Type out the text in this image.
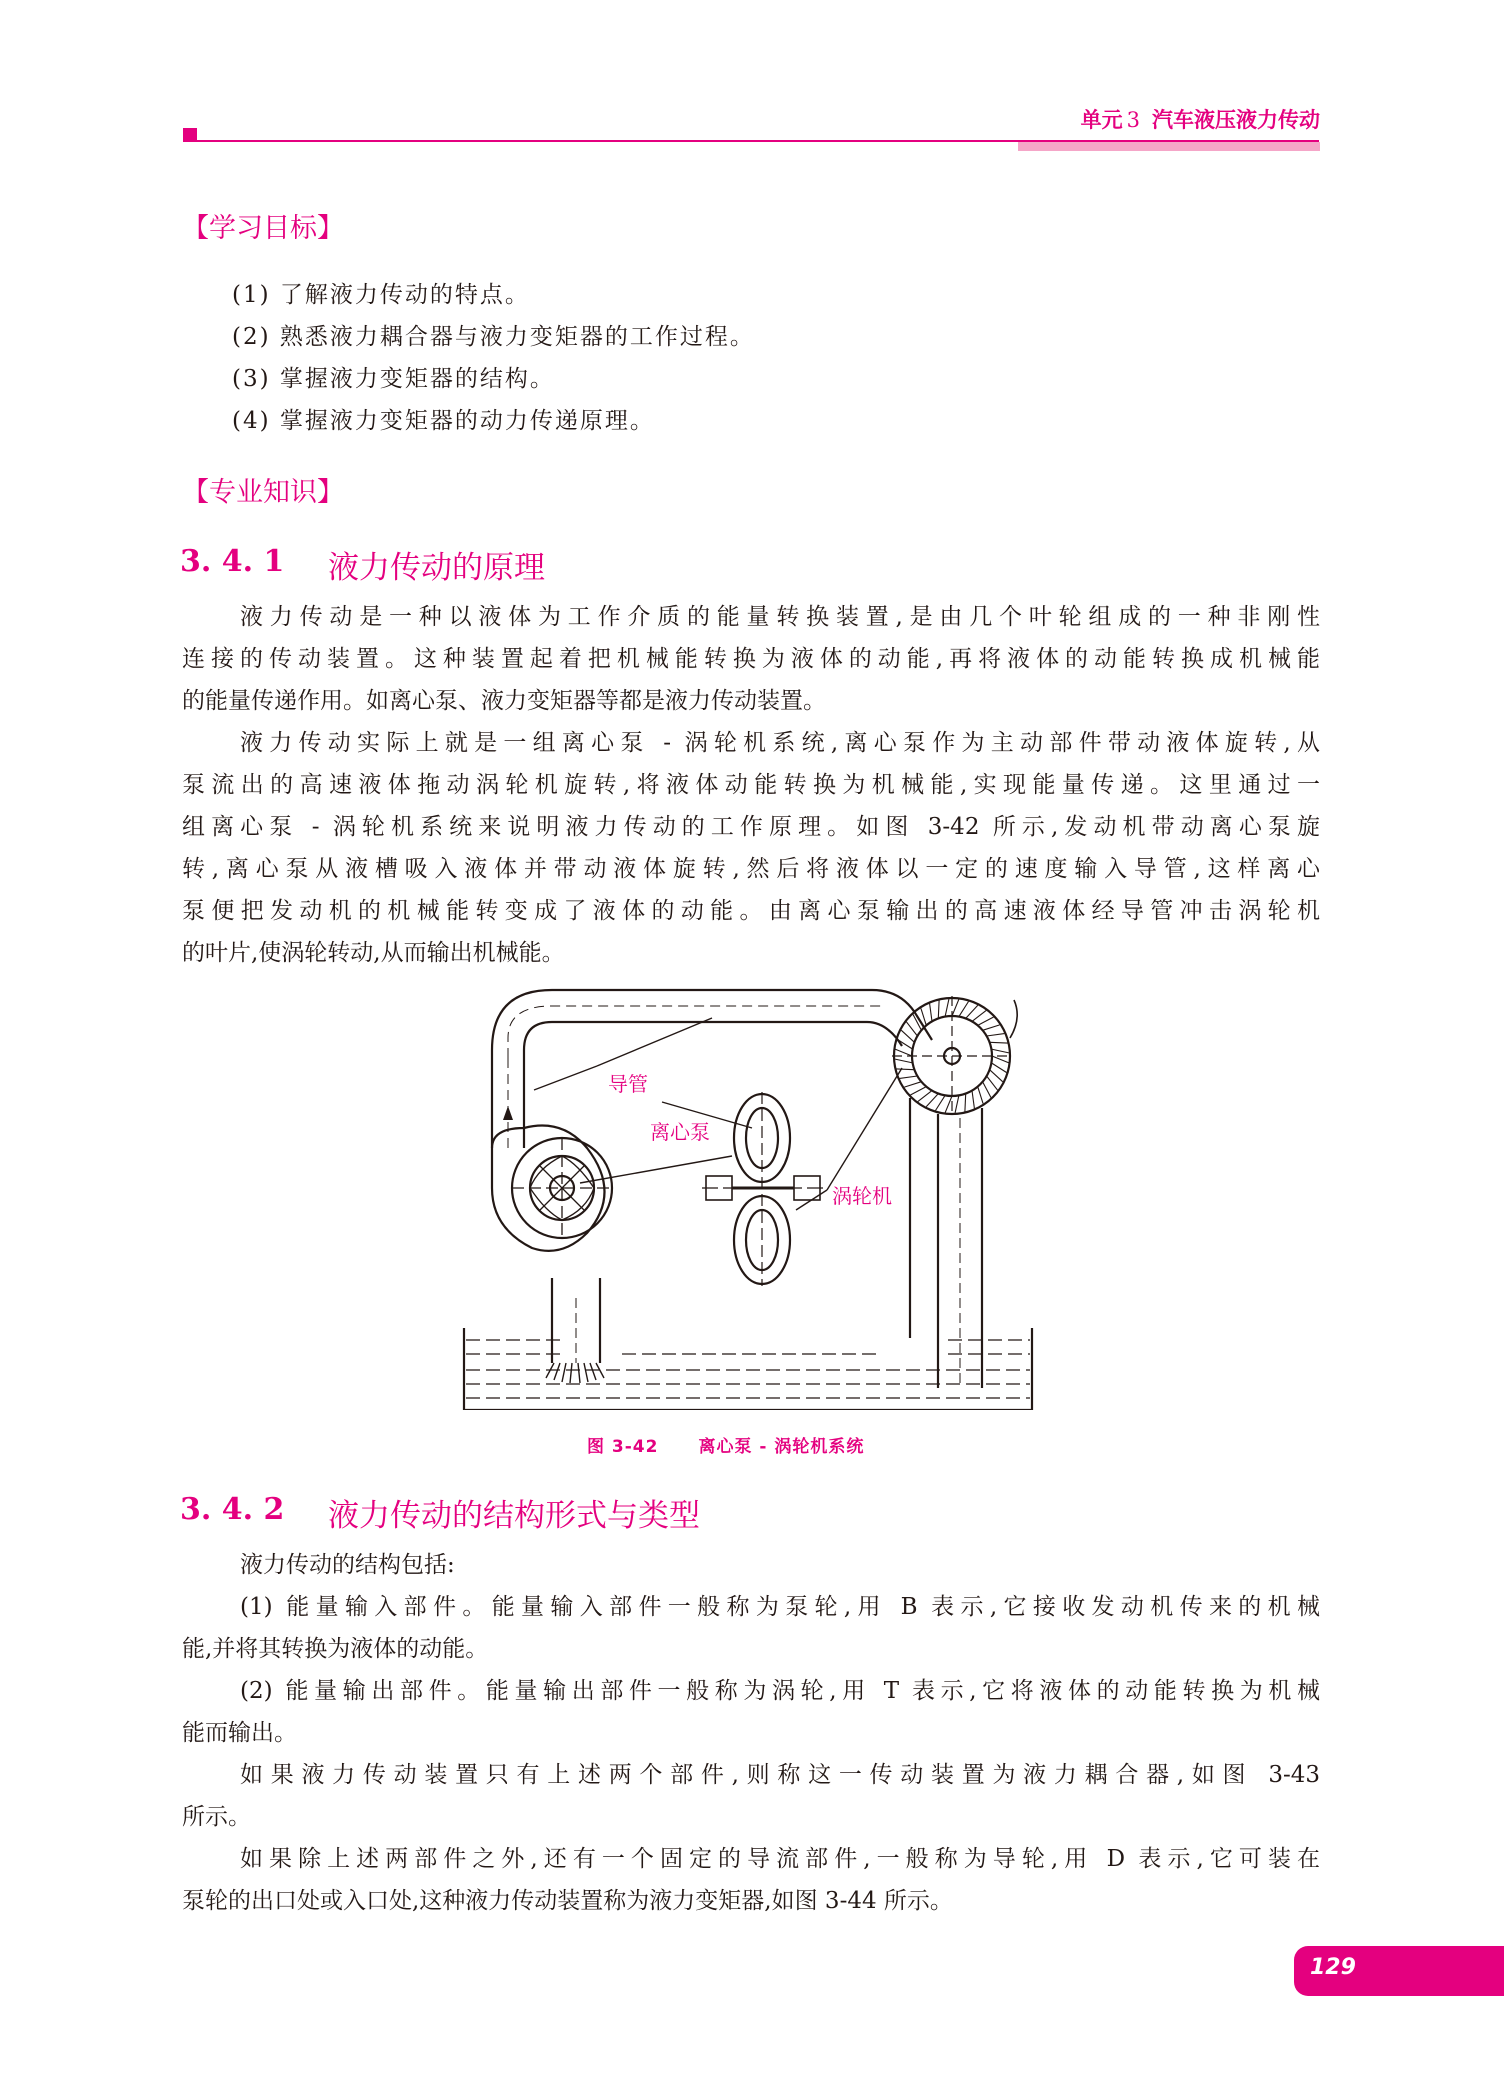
单元 3 汽车液压液力传动
【学习目标】
(1) 了解液力传动的特点。
(2) 熟悉液力耦合器与液力变矩器的工作过程。
(3) 掌握液力变矩器的结构。
(4) 掌握液力变矩器的动力传递原理。
【专业知识】
3. 4. 1 液力传动的原理
液力传动是一种以液体为工作介质的能量转换装置,是由几个叶轮组成的一种非刚性
连接的传动装置。这种装置起着把机械能转换为液体的动能,再将液体的动能转换成机械能
的能量传递作用。如离心泵、液力变矩器等都是液力传动装置。
液力传动实际上就是一组离心泵 - 涡轮机系统,离心泵作为主动部件带动液体旋转,从
泵流出的高速液体拖动涡轮机旋转,将液体动能转换为机械能,实现能量传递。这里通过一
组离心泵 - 涡轮机系统来说明液力传动的工作原理。如图 3-42 所示,发动机带动离心泵旋
转,离心泵从液槽吸入液体并带动液体旋转,然后将液体以一定的速度输入导管,这样离心
泵便把发动机的机械能转变成了液体的动能。由离心泵输出的高速液体经导管冲击涡轮机
的叶片,使涡轮转动,从而输出机械能。
导管
离心泵
涡轮机
图 3-42 离心泵 - 涡轮机系统
3. 4. 2 液力传动的结构形式与类型
液力传动的结构包括:
(1) 能量输入部件。能量输入部件一般称为泵轮,用 B 表示,它接收发动机传来的机械
能,并将其转换为液体的动能。
(2) 能量输出部件。能量输出部件一般称为涡轮,用 T 表示,它将液体的动能转换为机械
能而输出。
如果液力传动装置只有上述两个部件,则称这一传动装置为液力耦合器,如图 3-43
所示。
如果除上述两部件之外,还有一个固定的导流部件,一般称为导轮,用 D 表示,它可装在
泵轮的出口处或入口处,这种液力传动装置称为液力变矩器,如图 3-44 所示。
129
